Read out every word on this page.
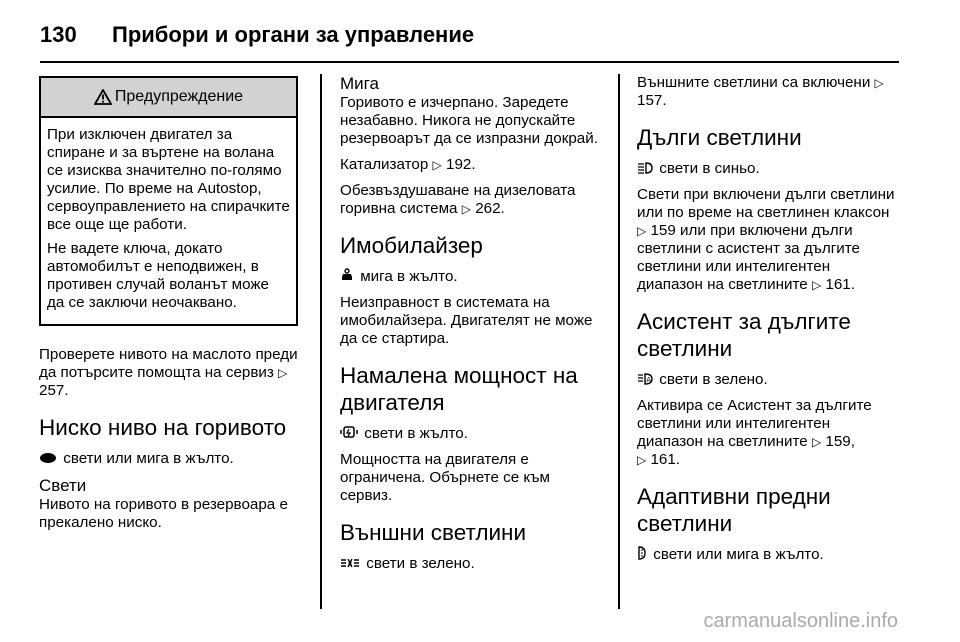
130 Прибори и органи за управление
Предупреждение

При изключен двигател за спиране и за въртене на волана се изисква значително по-голямо усилие. По време на Autostop, сервоуправлението на спирачките все още ще работи.

Не вадете ключа, докато автомобилът е неподвижен, в противен случай воланът може да се заключи неочаквано.

Проверете нивото на маслото преди да потърсите помощта на сервиз ▷ 257.

Ниско ниво на горивото

свети или мига в жълто.

Свети

Нивото на горивото в резервоара е прекалено ниско.

Мига

Горивото е изчерпано. Заредете незабавно. Никога не допускайте резервоарът да се изпразни докрай.

Катализатор ▷ 192.

Обезвъздушаване на дизеловата горивна система ▷ 262.

Имобилайзер

мига в жълто.

Неизправност в системата на имобилайзера. Двигателят не може да се стартира.

Намалена мощност на двигателя

свети в жълто.

Мощността на двигателя е ограничена. Обърнете се към сервиз.

Външни светлини

свети в зелено.

Външните светлини са включени ▷ 157.

Дълги светлини

свети в синьо.

Свети при включени дълги светлини или по време на светлинен клаксон ▷ 159 или при включени дълги светлини с асистент за дългите светлини или интелигентен диапазон на светлините ▷ 161.

Асистент за дългите светлини

A свети в зелено.

Активира се Асистент за дългите светлини или интелигентен диапазон на светлините ▷ 159,
▷ 161.

Адаптивни предни светлини

свети или мига в жълто.

carmanualsonline.info
